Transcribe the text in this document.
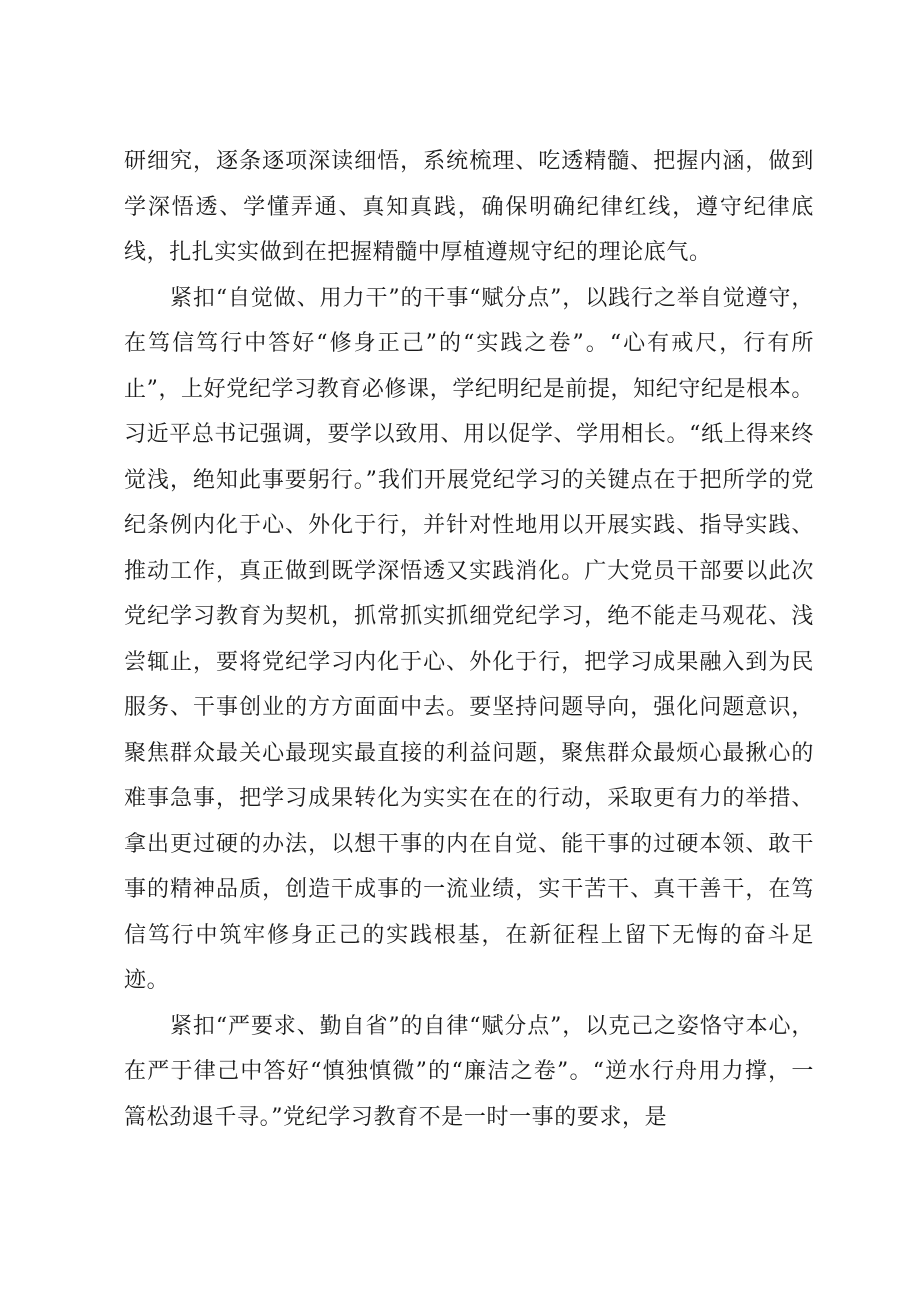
研细究，逐条逐项深读细悟，系统梳理、吃透精髓、把握内涵，做到学深悟透、学懂弄通、真知真践，确保明确纪律红线，遵守纪律底线，扎扎实实做到在把握精髓中厚植遵规守纪的理论底气。

紧扣“自觉做、用力干”的干事“赋分点”，以践行之举自觉遵守，在笃信笃行中答好“修身正己”的“实践之卷”。“心有戒尺，行有所止”，上好党纪学习教育必修课，学纪明纪是前提，知纪守纪是根本。习近平总书记强调，要学以致用、用以促学、学用相长。“纸上得来终觉浅，绝知此事要躬行。”我们开展党纪学习的关键点在于把所学的党纪条例内化于心、外化于行，并针对性地用以开展实践、指导实践、推动工作，真正做到既学深悟透又实践消化。广大党员干部要以此次党纪学习教育为契机，抓常抓实抓细党纪学习，绝不能走马观花、浅尝辄止，要将党纪学习内化于心、外化于行，把学习成果融入到为民服务、干事创业的方方面面中去。要坚持问题导向，强化问题意识，聚焦群众最关心最现实最直接的利益问题，聚焦群众最烦心最揪心的难事急事，把学习成果转化为实实在在的行动，采取更有力的举措、拿出更过硬的办法，以想干事的内在自觉、能干事的过硬本领、敢干事的精神品质，创造干成事的一流业绩，实干苦干、真干善干，在笃信笃行中筑牢修身正己的实践根基，在新征程上留下无悔的奋斗足迹。

紧扣“严要求、勤自省”的自律“赋分点”，以克己之姿恪守本心，在严于律己中答好“慎独慎微”的“廉洁之卷”。“逆水行舟用力撑，一篙松劲退千寻。”党纪学习教育不是一时一事的要求，是
